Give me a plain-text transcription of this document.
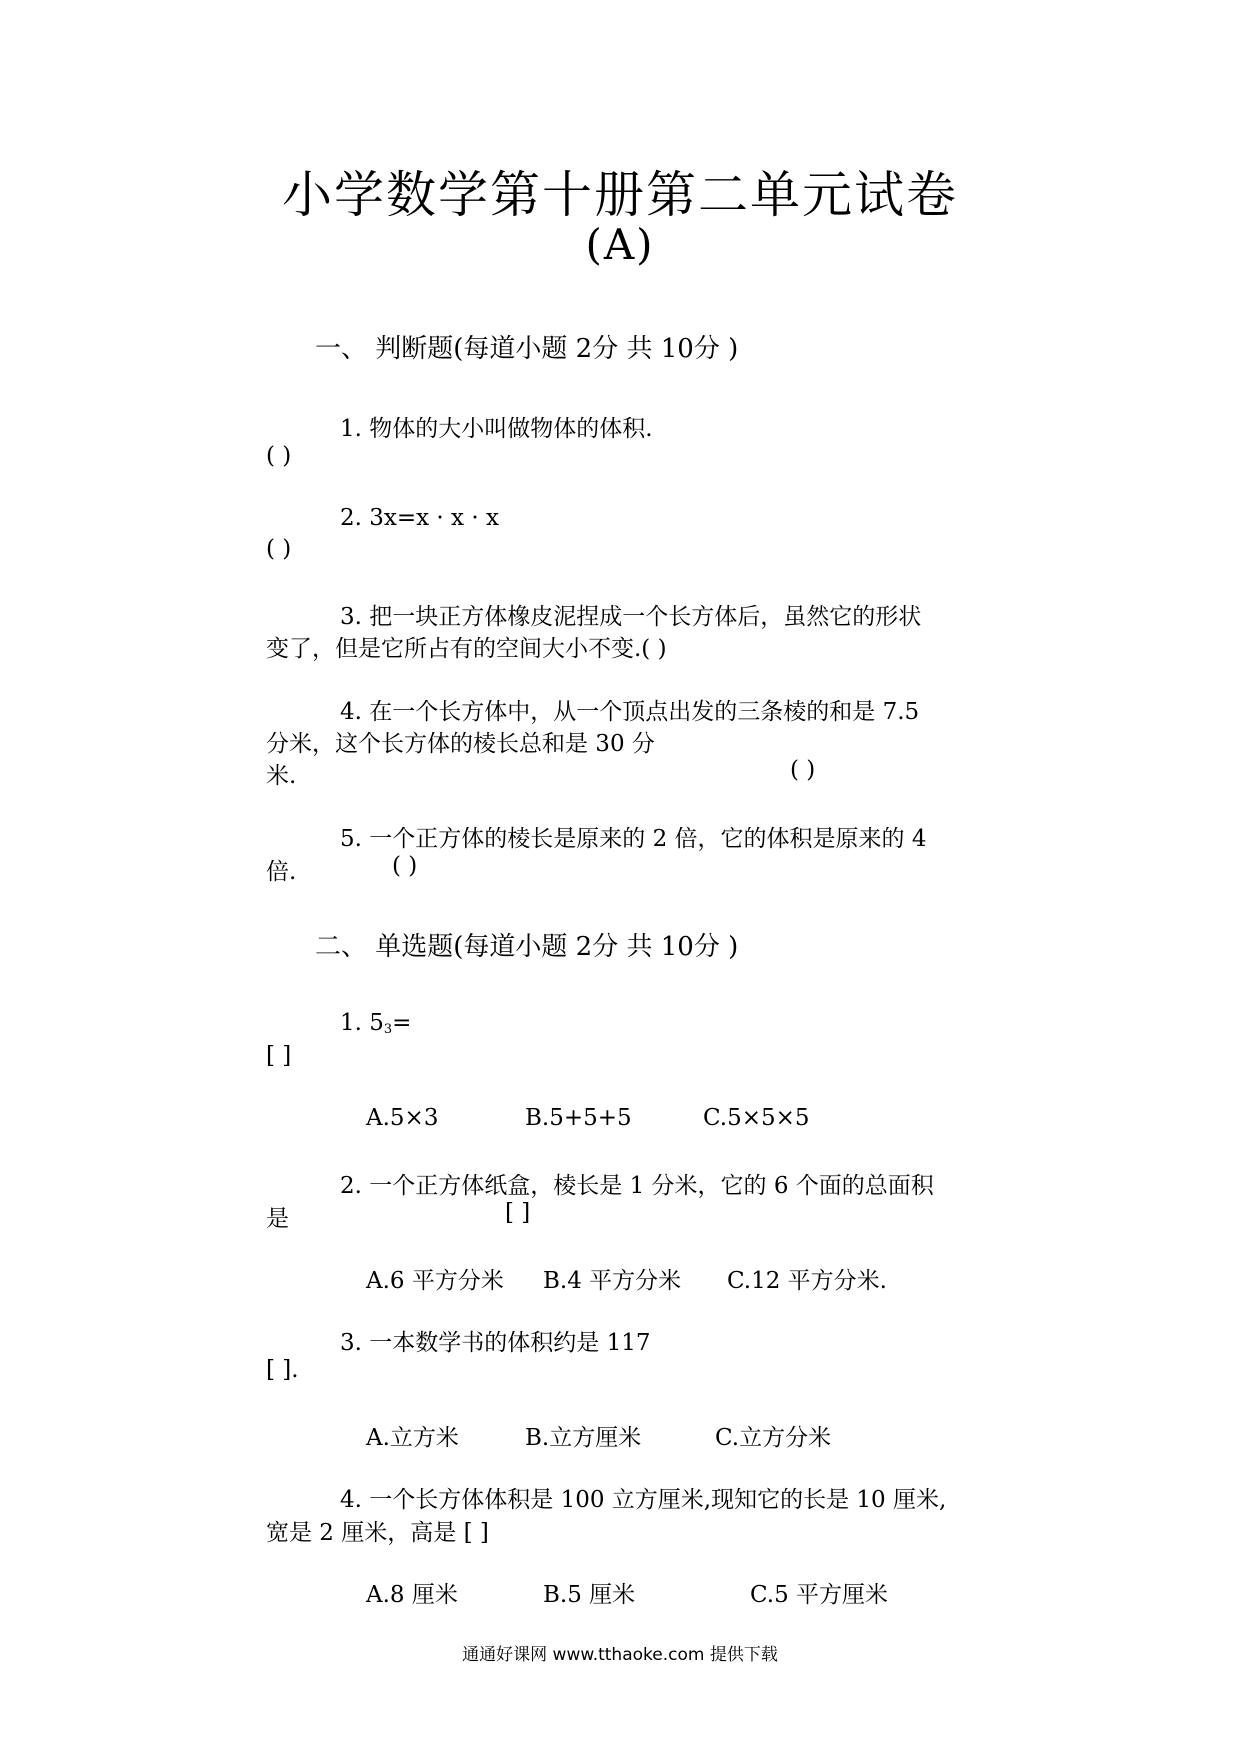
小学数学第十册第二单元试卷
(A)
一、 判断题(每道小题 2分 共 10分 )
1. 物体的大小叫做物体的体积.
( )
2. 3x=x · x · x
( )
3. 把一块正方体橡皮泥捏成一个长方体后，虽然它的形状
变了，但是它所占有的空间大小不变.( )
4. 在一个长方体中，从一个顶点出发的三条棱的和是 7.5
分米，这个长方体的棱长总和是 30 分
米.	( )
5. 一个正方体的棱长是原来的 2 倍，它的体积是原来的 4
倍.	( )
二、 单选题(每道小题 2分 共 10分 )
1. $5_3=$
[ ]
A.5×3	B.5+5+5	C.5×5×5
2. 一个正方体纸盒，棱长是 1 分米，它的 6 个面的总面积
是	[ ]
A.6 平方分米 B.4 平方分米 C.12 平方分米.
3. 一本数学书的体积约是 117
[ ].
A.立方米	B.立方厘米	C.立方分米
4. 一个长方体体积是 100 立方厘米,现知它的长是 10 厘米,
宽是 2 厘米，高是 [ ]
A.8 厘米	B.5 厘米	C.5 平方厘米
通通好课网 www.tthaoke.com 提供下载
